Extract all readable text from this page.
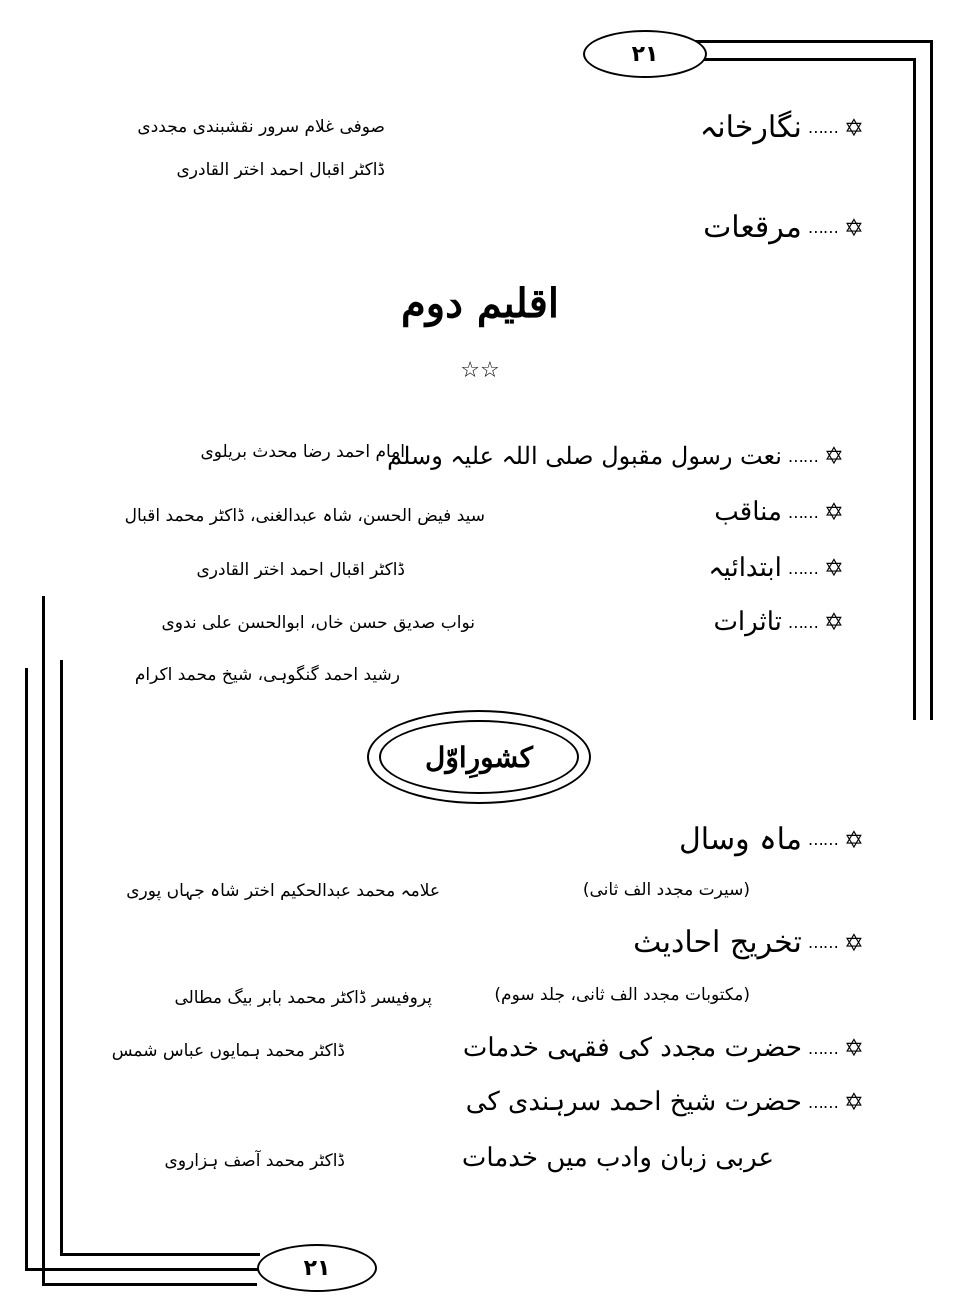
۲۱
✡
……
نگارخانہ
صوفی غلام سرور نقشبندی مجددی
ڈاکٹر اقبال احمد اختر القادری
✡
……
مرقعات
اقلیم دوم
☆☆
✡
……
نعت رسول مقبول صلی اللہ علیہ وسلم
امام احمد رضا محدث بریلوی
✡
……
مناقب
سید فیض الحسن، شاہ عبدالغنی، ڈاکٹر محمد اقبال
✡
……
ابتدائیہ
ڈاکٹر اقبال احمد اختر القادری
✡
……
تاثرات
نواب صدیق حسن خاں، ابوالحسن علی ندوی
رشید احمد گنگوہی، شیخ محمد اکرام
کشورِاوّل
✡
……
ماہ وسال
(سیرت مجدد الف ثانی)
علامہ محمد عبدالحکیم اختر شاہ جہاں پوری
✡
……
تخریج احادیث
(مکتوبات مجدد الف ثانی، جلد سوم)
پروفیسر ڈاکٹر محمد بابر بیگ مطالی
✡
……
حضرت مجدد کی فقہی خدمات
ڈاکٹر محمد ہمایوں عباس شمس
✡
……
حضرت شیخ احمد سرہندی کی
عربی زبان وادب میں خدمات
ڈاکٹر محمد آصف ہزاروی
۲۱
